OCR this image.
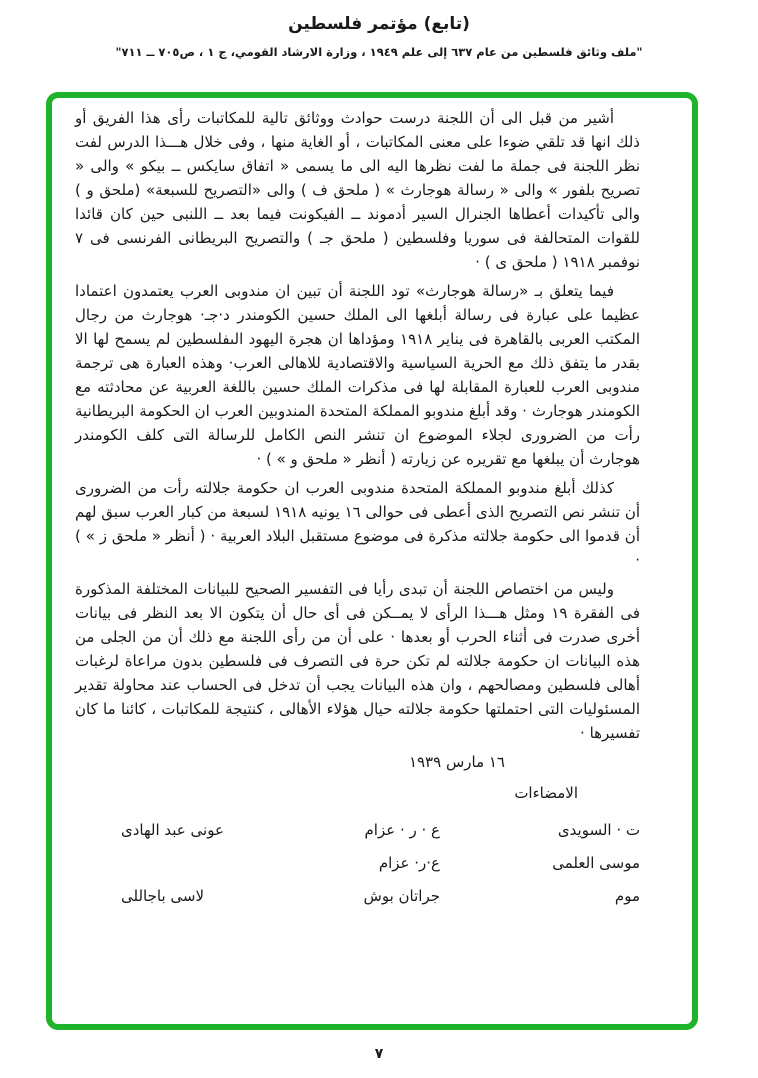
(تابع) مؤتمر فلسطين
"ملف وثائق فلسطين من عام ٦٣٧ إلى علم ١٩٤٩ ، وزارة الارشاد القومي، ج ١ ، ص٧٠٥ ــ ٧١١"

أشير من قبل الى أن اللجنة درست حوادث ووثائق تالية للمكاتبات رأى هذا الفريق أو ذلك انها قد تلقي ضوءا على معنى المكاتبات ، أو الغاية منها ، وفى خلال هـــذا الدرس لفت نظر اللجنة فى جملة ما لفت نظرها اليه الى ما يسمى « اتفاق سايكس ــ بيكو » والى « تصريح بلفور » والى « رسالة هوجارث » ( ملحق ف ) والى «التصريح للسبعة» (ملحق و ) والى تأكيدات أعطاها الجنرال السير أدموند ــ الفيكونت فيما بعد ــ اللنبى حين كان قائدا للقوات المتحالفة فى سوريا وفلسطين ( ملحق جـ ) والتصريح البريطانى الفرنسى فى ٧ نوفمبر ١٩١٨ ( ملحق ى ) ·

فيما يتعلق بـ «رسالة هوجارث» تود اللجنة أن تبين ان مندوبى العرب يعتمدون اعتمادا عظيما على عبارة فى رسالة أبلغها الى الملك حسين الكومندر د·جـ· هوجارث من رجال المكتب العربى بالقاهرة فى يناير ١٩١٨ ومؤداها ان هجرة اليهود الىفلسطين لم يسمح لها الا بقدر ما يتفق ذلك مع الحرية السياسية والاقتصادية للاهالى العرب· وهذه العبارة هى ترجمة مندوبى العرب للعبارة المقابلة لها فى مذكرات الملك حسين باللغة العربية عن محادثته مع الكومندر هوجارث · وقد أبلغ مندوبو المملكة المتحدة المندوبين العرب ان الحكومة البريطانية رأت من الضرورى لجلاء الموضوع ان تنشر النص الكامل للرسالة التى كلف الكومندر هوجارث أن يبلغها مع تقريره عن زيارته ( أنظر « ملحق و » ) ·

كذلك أبلغ مندوبو المملكة المتحدة مندوبى العرب ان حكومة جلالته رأت من الضرورى أن تنشر نص التصريح الذى أعطى فى حوالى ١٦ يونيه ١٩١٨ لسبعة من كبار العرب سبق لهم أن قدموا الى حكومة جلالته مذكرة فى موضوع مستقبل البلاد العربية · ( أنظر « ملحق ز » ) ·

وليس من اختصاص اللجنة أن تبدى رأيا فى التفسير الصحيح للبيانات المختلفة المذكورة فى الفقرة ١٩ ومثل هـــذا الرأى لا يمــكن فى أى حال أن يتكون الا بعد النظر فى بيانات أخرى صدرت فى أثناء الحرب أو بعدها · على أن من رأى اللجنة مع ذلك أن من الجلى من هذه البيانات ان حكومة جلالته لم تكن حرة فى التصرف فى فلسطين بدون مراعاة لرغبات أهالى فلسطين ومصالحهم ، وان هذه البيانات يجب أن تدخل فى الحساب عند محاولة تقدير المسئوليات التى احتملتها حكومة جلالته حيال هؤلاء الأهالى ، كنتيجة للمكاتبات ، كائنا ما كان تفسيرها ·

١٦ مارس ١٩٣٩
الامضاءات
ت · السويدى
ع · ر · عزام
عونى عبد الهادى
موسى العلمى
ع·ر· عزام
موم
جراتان بوش
لاسى باجاللى
٧
